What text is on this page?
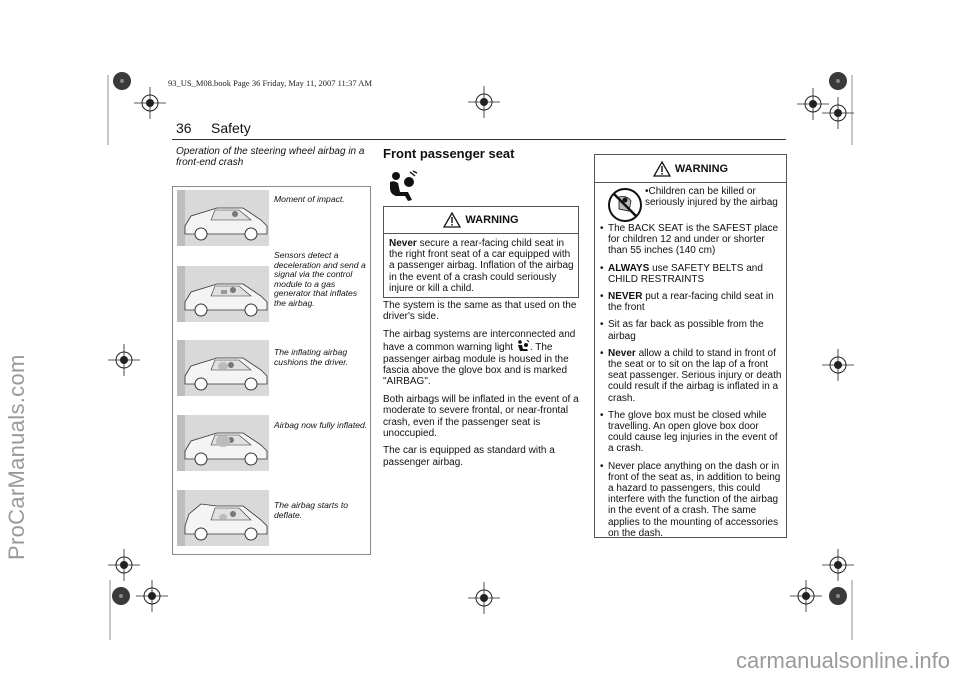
93_US_M08.book Page 36 Friday, May 11, 2007 11:37 AM
ProCarManuals.com
carmanualsonline.info
36 Safety
Operation of the steering wheel airbag in a front-end crash
Moment of impact.
Sensors detect a deceleration and send a signal via the control module to a gas generator that inflates the airbag.
The inflating airbag cushions the driver.
Airbag now fully inflated.
The airbag starts to deflate.
Front passenger seat
WARNING
Never secure a rear-facing child seat in the right front seat of a car equipped with a passenger airbag. Inflation of the airbag in the event of a crash could seriously injure or kill a child.

The system is the same as that used on the driver's side.

The airbag systems are interconnected and have a common warning light . The passenger airbag module is housed in the fascia above the glove box and is marked "AIRBAG".

Both airbags will be inflated in the event of a moderate to severe frontal, or near-frontal crash, even if the passenger seat is unoccupied.

The car is equipped as standard with a passenger airbag.

WARNING
•Children can be killed or seriously injured by the airbag
• The BACK SEAT is the SAFEST place for children 12 and under or shorter than 55 inches (140 cm)
• ALWAYS use SAFETY BELTS and CHILD RESTRAINTS
• NEVER put a rear-facing child seat in the front
• Sit as far back as possible from the airbag
• Never allow a child to stand in front of the seat or to sit on the lap of a front seat passenger. Serious injury or death could result if the airbag is inflated in a crash.
• The glove box must be closed while travelling. An open glove box door could cause leg injuries in the event of a crash.
• Never place anything on the dash or in front of the seat as, in addition to being a hazard to passengers, this could interfere with the function of the airbag in the event of a crash. The same applies to the mounting of accessories on the dash.
